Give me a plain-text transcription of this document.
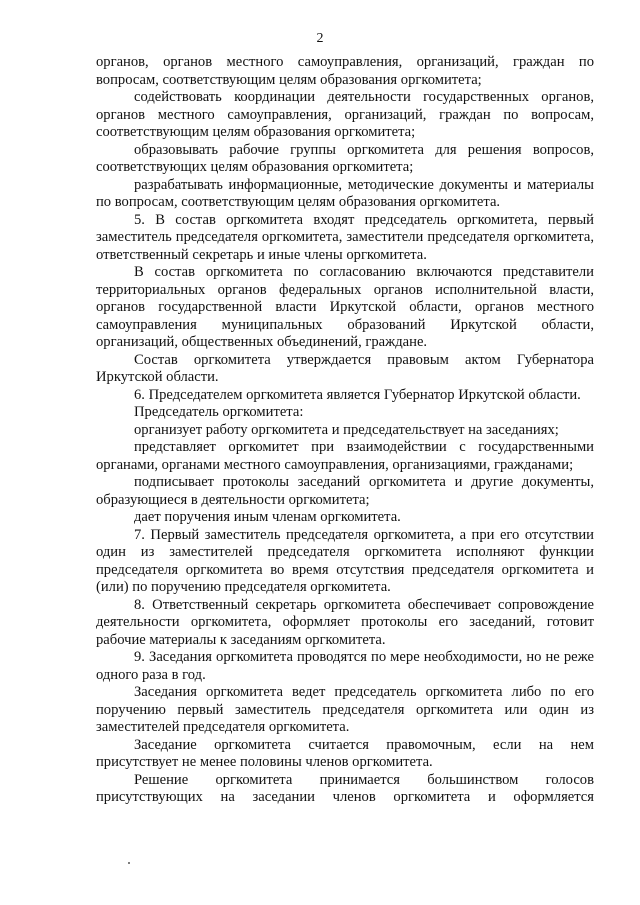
2

органов, органов местного самоуправления, организаций, граждан по вопросам, соответствующим целям образования оргкомитета;

содействовать координации деятельности государственных органов, органов местного самоуправления, организаций, граждан по вопросам, соответствующим целям образования оргкомитета;

образовывать рабочие группы оргкомитета для решения вопросов, соответствующих целям образования оргкомитета;

разрабатывать информационные, методические документы и материалы по вопросам, соответствующим целям образования оргкомитета.

5. В состав оргкомитета входят председатель оргкомитета, первый заместитель председателя оргкомитета, заместители председателя оргкомитета, ответственный секретарь и иные члены оргкомитета.

В состав оргкомитета по согласованию включаются представители территориальных органов федеральных органов исполнительной власти, органов государственной власти Иркутской области, органов местного самоуправления муниципальных образований Иркутской области, организаций, общественных объединений, граждане.

Состав оргкомитета утверждается правовым актом Губернатора Иркутской области.

6. Председателем оргкомитета является Губернатор Иркутской области.

Председатель оргкомитета:

организует работу оргкомитета и председательствует на заседаниях;

представляет оргкомитет при взаимодействии с государственными органами, органами местного самоуправления, организациями, гражданами;

подписывает протоколы заседаний оргкомитета и другие документы, образующиеся в деятельности оргкомитета;

дает поручения иным членам оргкомитета.

7. Первый заместитель председателя оргкомитета, а при его отсутствии один из заместителей председателя оргкомитета исполняют функции председателя оргкомитета во время отсутствия председателя оргкомитета и (или) по поручению председателя оргкомитета.

8. Ответственный секретарь оргкомитета обеспечивает сопровождение деятельности оргкомитета, оформляет протоколы его заседаний, готовит рабочие материалы к заседаниям оргкомитета.

9. Заседания оргкомитета проводятся по мере необходимости, но не реже одного раза в год.

Заседания оргкомитета ведет председатель оргкомитета либо по его поручению первый заместитель председателя оргкомитета или один из заместителей председателя оргкомитета.

Заседание оргкомитета считается правомочным, если на нем присутствует не менее половины членов оргкомитета.

Решение оргкомитета принимается большинством голосов присутствующих на заседании членов оргкомитета и оформляется
